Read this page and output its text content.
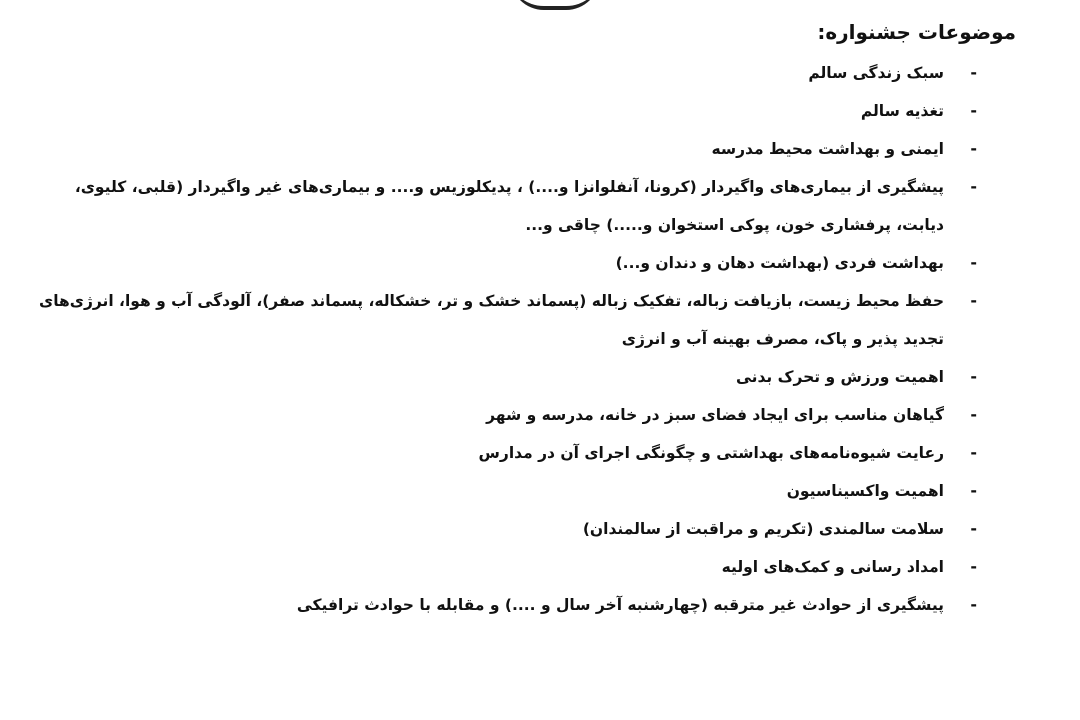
موضوعات جشنواره:
-
سبک زندگی سالم
-
تغذیه سالم
-
ایمنی و بهداشت محیط مدرسه
-
پیشگیری از بیماری‌های واگیردار (کرونا، آنفلوانزا و....) ، پدیکلوزیس و.... و بیماری‌های غیر واگیردار (قلبی، کلیوی، دیابت، پرفشاری خون، پوکی استخوان و.....) چاقی و...
-
بهداشت فردی (بهداشت دهان و دندان و...)
-
حفظ محیط زیست، بازیافت زباله، تفکیک زباله (پسماند خشک و تر، خشکاله، پسماند صفر)، آلودگی آب و هوا، انرژی‌های تجدید پذیر و پاک، مصرف بهینه آب و انرژی
-
اهمیت ورزش و تحرک بدنی
-
گیاهان مناسب برای ایجاد فضای سبز در خانه، مدرسه و شهر
-
رعایت شیوه‌نامه‌های بهداشتی و چگونگی اجرای آن در مدارس
-
اهمیت واکسیناسیون
-
سلامت سالمندی (تکریم و مراقبت از سالمندان)
-
امداد رسانی و کمک‌های اولیه
-
پیشگیری از حوادث غیر مترقبه (چهارشنبه آخر سال و ....) و مقابله با حوادث ترافیکی
